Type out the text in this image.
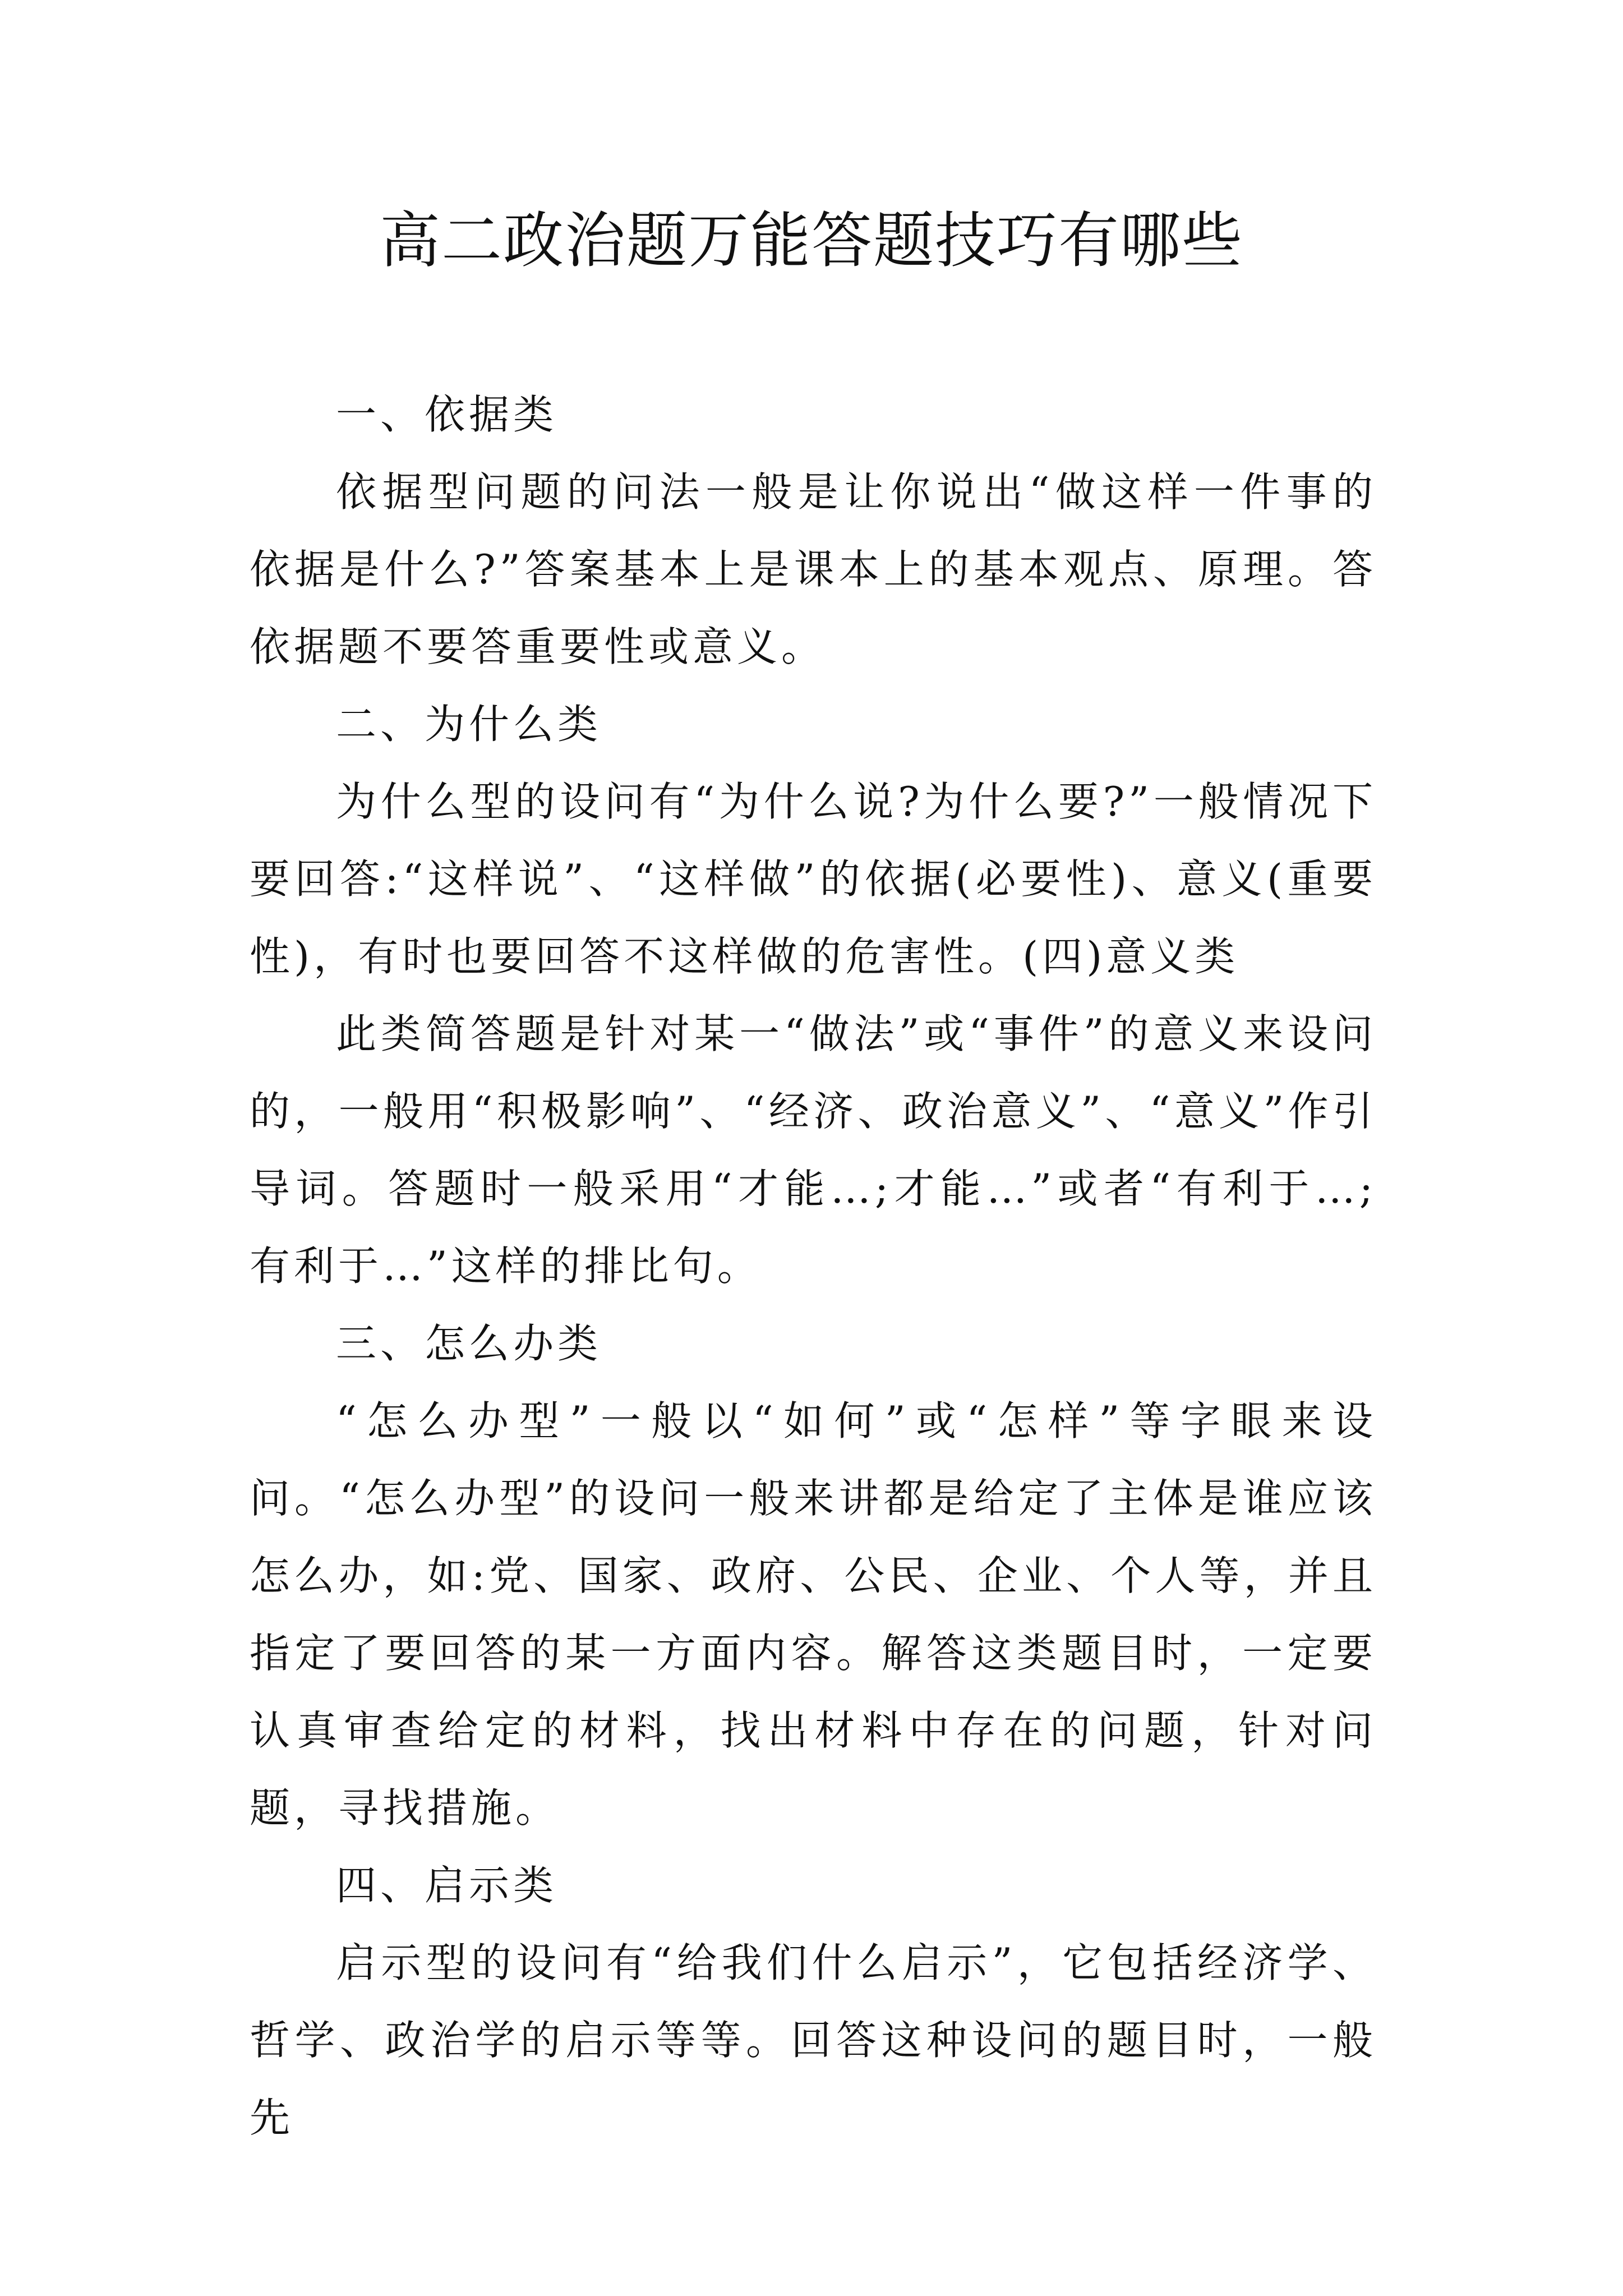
高二政治题万能答题技巧有哪些

一、依据类

依据型问题的问法一般是让你说出“做这样一件事的依据是什么?”答案基本上是课本上的基本观点、原理。答依据题不要答重要性或意义。

二、为什么类

为什么型的设问有“为什么说?为什么要?”一般情况下要回答:“这样说”、“这样做”的依据(必要性)、意义(重要性)，有时也要回答不这样做的危害性。(四)意义类

此类简答题是针对某一“做法”或“事件”的意义来设问的，一般用“积极影响”、“经济、政治意义”、“意义”作引导词。答题时一般采用“才能…;才能…”或者“有利于…;有利于…”这样的排比句。

三、怎么办类

“怎么办型”一般以“如何”或“怎样”等字眼来设问。“怎么办型”的设问一般来讲都是给定了主体是谁应该怎么办，如:党、国家、政府、公民、企业、个人等，并且指定了要回答的某一方面内容。解答这类题目时，一定要认真审查给定的材料，找出材料中存在的问题，针对问题，寻找措施。

四、启示类

启示型的设问有“给我们什么启示”，它包括经济学、哲学、政治学的启示等等。回答这种设问的题目时，一般先
